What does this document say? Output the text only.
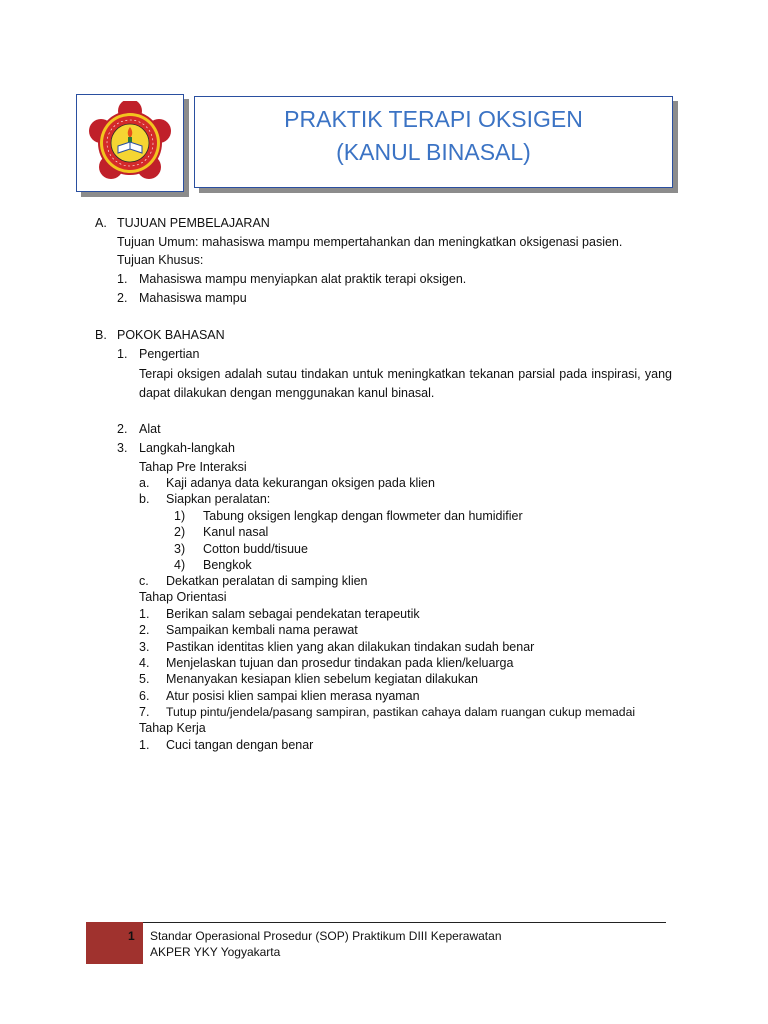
PRAKTIK TERAPI OKSIGEN
(KANUL BINASAL)
A. TUJUAN PEMBELAJARAN
Tujuan Umum: mahasiswa mampu mempertahankan dan meningkatkan oksigenasi pasien.
Tujuan Khusus:
1. Mahasiswa mampu menyiapkan alat praktik terapi oksigen.
2. Mahasiswa mampu
B. POKOK BAHASAN
1. Pengertian
Terapi oksigen adalah sutau tindakan untuk meningkatkan tekanan parsial pada inspirasi, yang dapat dilakukan dengan menggunakan kanul binasal.
2. Alat
3. Langkah-langkah
Tahap Pre Interaksi
a. Kaji adanya data kekurangan oksigen pada klien
b. Siapkan peralatan:
1) Tabung oksigen lengkap dengan flowmeter dan humidifier
2) Kanul nasal
3) Cotton budd/tisuue
4) Bengkok
c. Dekatkan peralatan di samping klien
Tahap Orientasi
1. Berikan salam sebagai pendekatan terapeutik
2. Sampaikan kembali nama perawat
3. Pastikan identitas klien yang akan dilakukan tindakan sudah benar
4. Menjelaskan tujuan dan prosedur tindakan pada klien/keluarga
5. Menanyakan kesiapan klien sebelum kegiatan dilakukan
6. Atur posisi klien sampai klien merasa nyaman
7. Tutup pintu/jendela/pasang sampiran, pastikan cahaya dalam ruangan cukup memadai
Tahap Kerja
1. Cuci tangan dengan benar
1 Standar Operasional Prosedur (SOP) Praktikum DIII Keperawatan
AKPER YKY Yogyakarta
